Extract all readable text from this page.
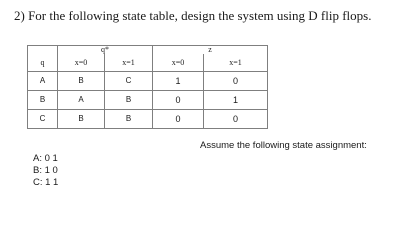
2) For the following state table, design the system using D flip flops.
	q*		z	
q	x=0	x=1	x=0	x=1
A	B	C	1	0
B	A	B	0	1
C	B	B	0	0
Assume the following state assignment:
A: 0 1
B: 1 0
C: 1 1
